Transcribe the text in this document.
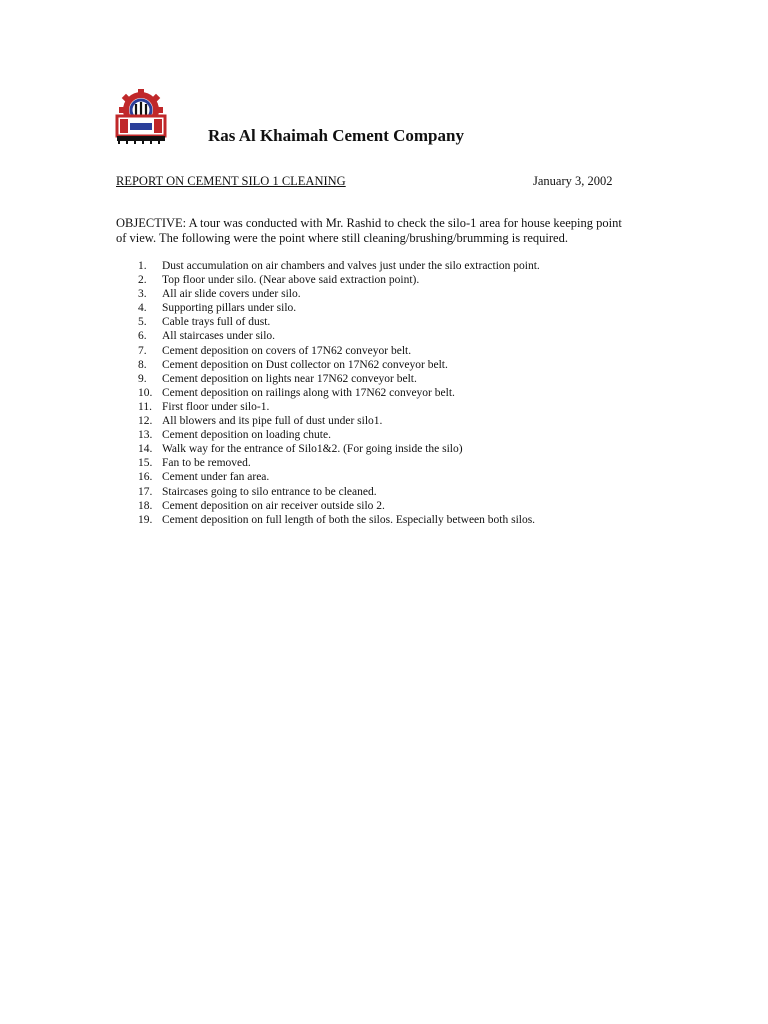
Ras Al Khaimah Cement Company
REPORT ON CEMENT SILO 1 CLEANING	January 3, 2002
OBJECTIVE: A tour was conducted with Mr. Rashid to check the silo-1 area for house keeping point
of view. The following were the point where still cleaning/brushing/brumming is required.
1.	Dust accumulation on air chambers and valves just under the silo extraction point.
2.	Top floor under silo. (Near above said extraction point).
3.	All air slide covers under silo.
4.	Supporting pillars under silo.
5.	Cable trays full of dust.
6.	All staircases under silo.
7.	Cement deposition on covers of 17N62 conveyor belt.
8.	Cement deposition on Dust collector on 17N62 conveyor belt.
9.	Cement deposition on lights near 17N62 conveyor belt.
10. Cement deposition on railings along with 17N62 conveyor belt.
11. First floor under silo-1.
12. All blowers and its pipe full of dust under silo1.
13. Cement deposition on loading chute.
14. Walk way for the entrance of Silo1&2. (For going inside the silo)
15. Fan to be removed.
16. Cement under fan area.
17. Staircases going to silo entrance to be cleaned.
18. Cement deposition on air receiver outside silo 2.
19. Cement deposition on full length of both the silos. Especially between both silos.
